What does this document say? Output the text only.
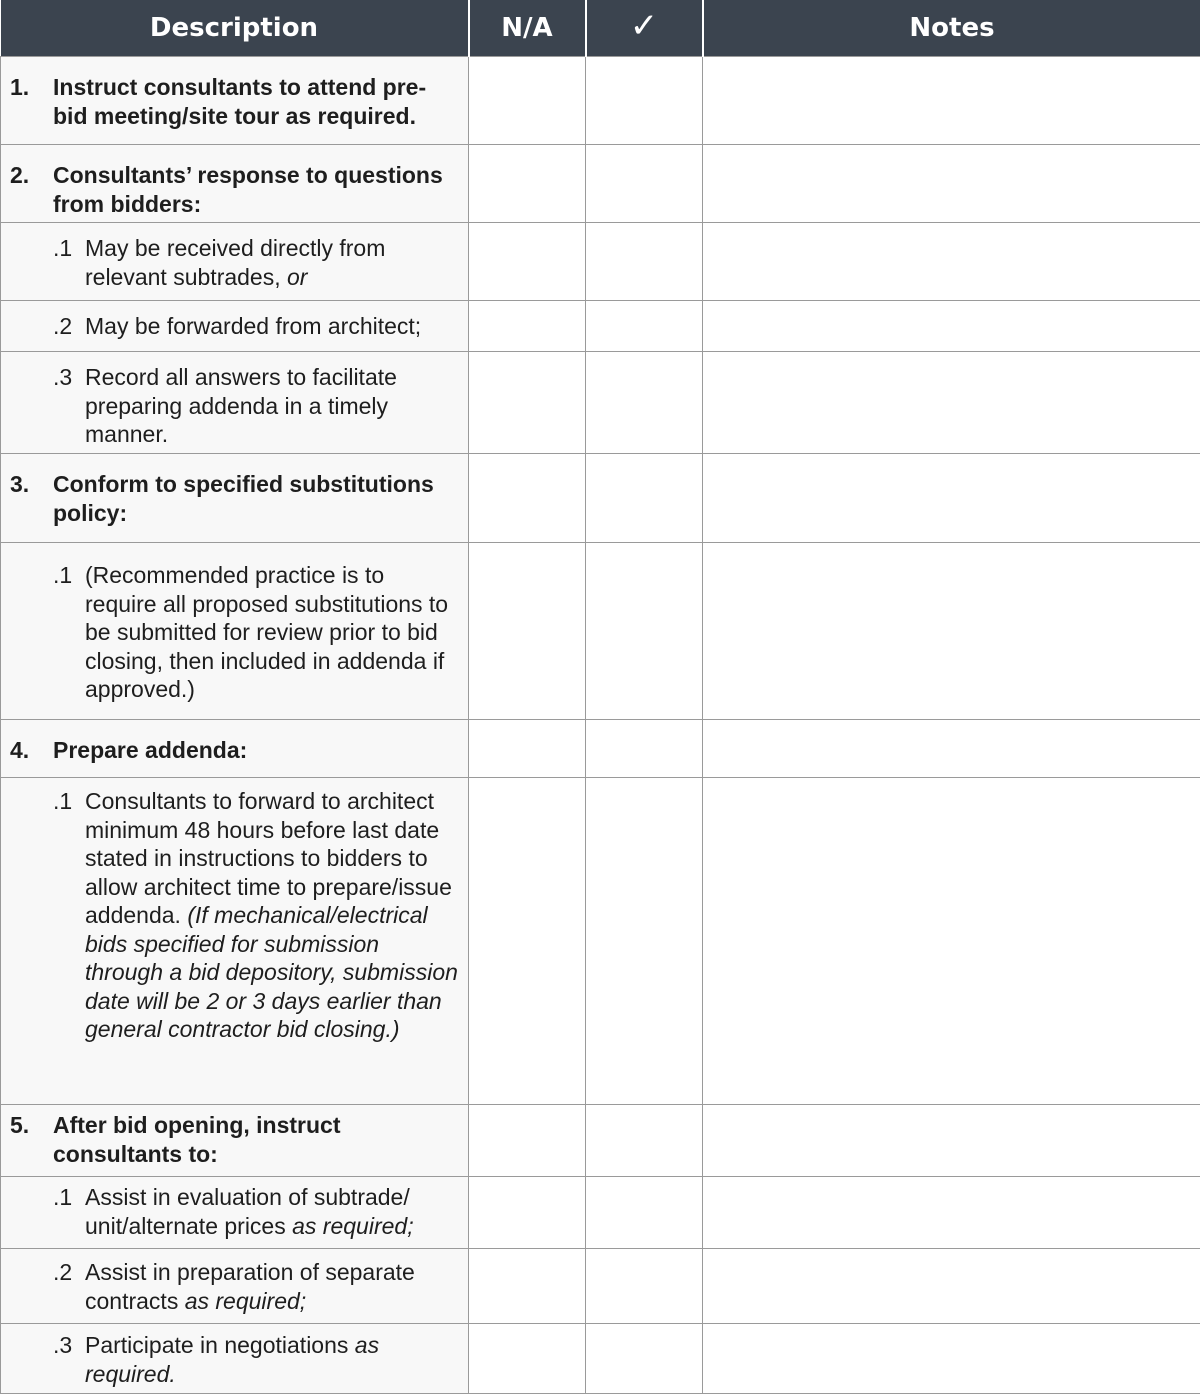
Description	N/A	✓	Notes

1. Instruct consultants to attend pre-bid meeting/site tour as required.			

2. Consultants’ response to questions from bidders:			

.1 May be received directly from relevant subtrades, or			

.2 May be forwarded from architect;			

.3 Record all answers to facilitate preparing addenda in a timely manner.			

3. Conform to specified substitutions policy:			

.1 (Recommended practice is to require all proposed substitutions to be submitted for review prior to bid closing, then included in addenda if approved.)			

4. Prepare addenda:			

.1 Consultants to forward to architect minimum 48 hours before last date stated in instructions to bidders to allow architect time to prepare/issue addenda. (If mechanical/electrical bids specified for submission through a bid depository, submission date will be 2 or 3 days earlier than general contractor bid closing.)			

5. After bid opening, instruct consultants to:			

.1 Assist in evaluation of subtrade/ unit/alternate prices as required;			

.2 Assist in preparation of separate contracts as required;			

.3 Participate in negotiations as required.			
